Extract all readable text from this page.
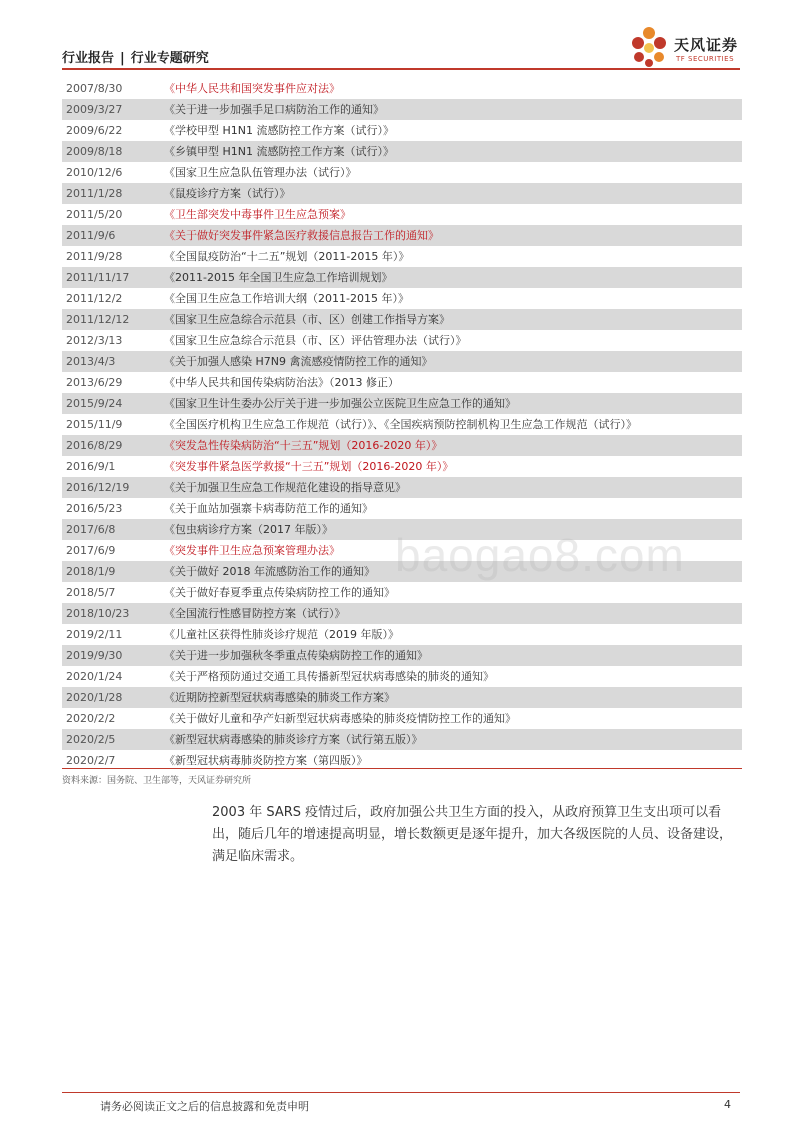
行业报告 | 行业专题研究
天风证券
TF SECURITIES
2007/8/30	《中华人民共和国突发事件应对法》
2009/3/27	《关于进一步加强手足口病防治工作的通知》
2009/6/22	《学校甲型 H1N1 流感防控工作方案（试行）》
2009/8/18	《乡镇甲型 H1N1 流感防控工作方案（试行）》
2010/12/6	《国家卫生应急队伍管理办法（试行）》
2011/1/28	《鼠疫诊疗方案（试行）》
2011/5/20	《卫生部突发中毒事件卫生应急预案》
2011/9/6	《关于做好突发事件紧急医疗救援信息报告工作的通知》
2011/9/28	《全国鼠疫防治“十二五”规划（2011-2015 年）》
2011/11/17	《2011-2015 年全国卫生应急工作培训规划》
2011/12/2	《全国卫生应急工作培训大纲（2011-2015 年）》
2011/12/12	《国家卫生应急综合示范县（市、区）创建工作指导方案》
2012/3/13	《国家卫生应急综合示范县（市、区）评估管理办法（试行）》
2013/4/3	《关于加强人感染 H7N9 禽流感疫情防控工作的通知》
2013/6/29	《中华人民共和国传染病防治法》（2013 修正）
2015/9/24	《国家卫生计生委办公厅关于进一步加强公立医院卫生应急工作的通知》
2015/11/9	《全国医疗机构卫生应急工作规范（试行）》、《全国疾病预防控制机构卫生应急工作规范（试行）》
2016/8/29	《突发急性传染病防治“十三五”规划（2016-2020 年）》
2016/9/1	《突发事件紧急医学救援“十三五”规划（2016-2020 年）》
2016/12/19	《关于加强卫生应急工作规范化建设的指导意见》
2016/5/23	《关于血站加强寨卡病毒防范工作的通知》
2017/6/8	《包虫病诊疗方案（2017 年版）》
2017/6/9	《突发事件卫生应急预案管理办法》
2018/1/9	《关于做好 2018 年流感防治工作的通知》
2018/5/7	《关于做好春夏季重点传染病防控工作的通知》
2018/10/23	《全国流行性感冒防控方案（试行）》
2019/2/11	《儿童社区获得性肺炎诊疗规范（2019 年版）》
2019/9/30	《关于进一步加强秋冬季重点传染病防控工作的通知》
2020/1/24	《关于严格预防通过交通工具传播新型冠状病毒感染的肺炎的通知》
2020/1/28	《近期防控新型冠状病毒感染的肺炎工作方案》
2020/2/2	《关于做好儿童和孕产妇新型冠状病毒感染的肺炎疫情防控工作的通知》
2020/2/5	《新型冠状病毒感染的肺炎诊疗方案（试行第五版）》
2020/2/7	《新型冠状病毒肺炎防控方案（第四版）》
baogao8.com
资料来源：国务院、卫生部等，天风证券研究所
2003 年 SARS 疫情过后，政府加强公共卫生方面的投入，从政府预算卫生支出项可以看出，随后几年的增速提高明显，增长数额更是逐年提升，加大各级医院的人员、设备建设，满足临床需求。
请务必阅读正文之后的信息披露和免责申明	4
